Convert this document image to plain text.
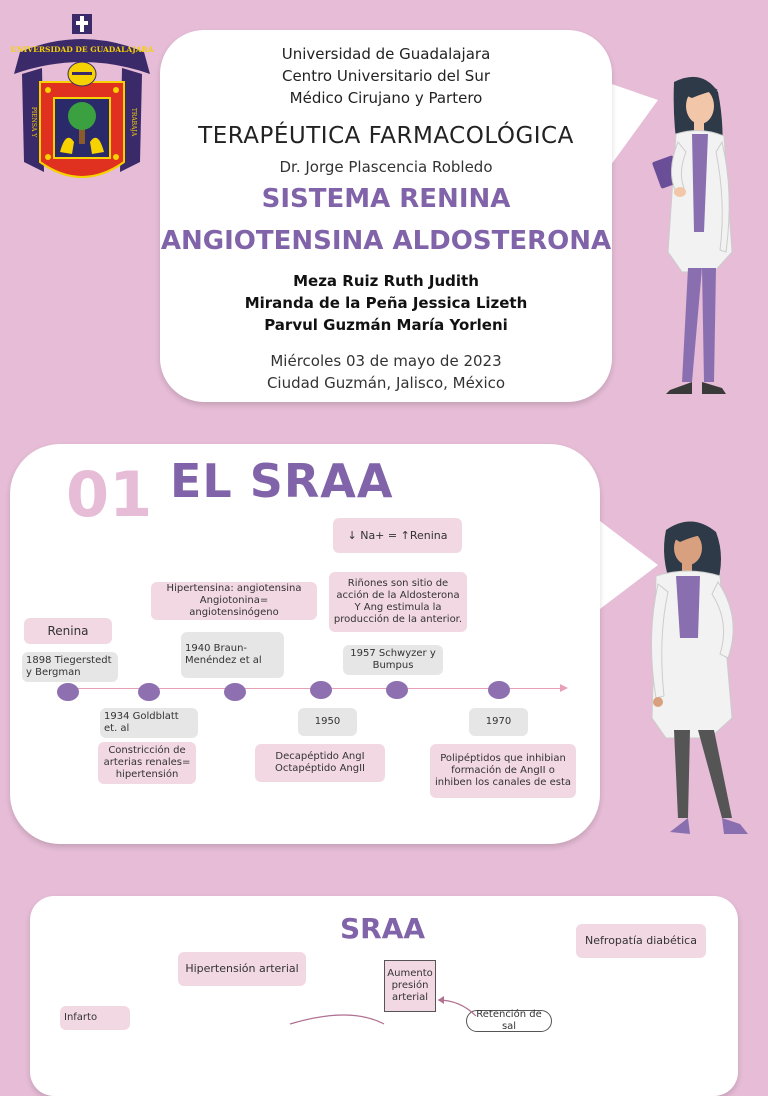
UNIVERSIDAD DE GUADALAJARA
PIENSA Y	TRABAJA
Universidad de Guadalajara
Centro Universitario del Sur
Médico Cirujano y Partero
TERAPÉUTICA FARMACOLÓGICA
Dr. Jorge Plascencia Robledo
SISTEMA RENINA
ANGIOTENSINA ALDOSTERONA
Meza Ruiz Ruth Judith
Miranda de la Peña Jessica Lizeth
Parvul Guzmán María Yorleni
Miércoles 03 de mayo de 2023
Ciudad Guzmán, Jalisco, México
01 EL SRAA
Renina
1898 Tiegerstedt y Bergman
1934 Goldblatt et. al
Constricción de arterias renales= hipertensión
Hipertensina: angiotensina Angiotonina= angiotensinógeno
1940 Braun-Menéndez et al
1950
Decapéptido AngI Octapéptido AngII
↓ Na+ = ↑Renina
Riñones son sitio de acción de la Aldosterona Y Ang estimula la producción de la anterior.
1957 Schwyzer y Bumpus
1970
Polipéptidos que inhibian formación de AngII o inhiben los canales de esta
SRAA
Hipertensión arterial
Nefropatía diabética
Aumento presión arterial
Infarto	Retención de sal
